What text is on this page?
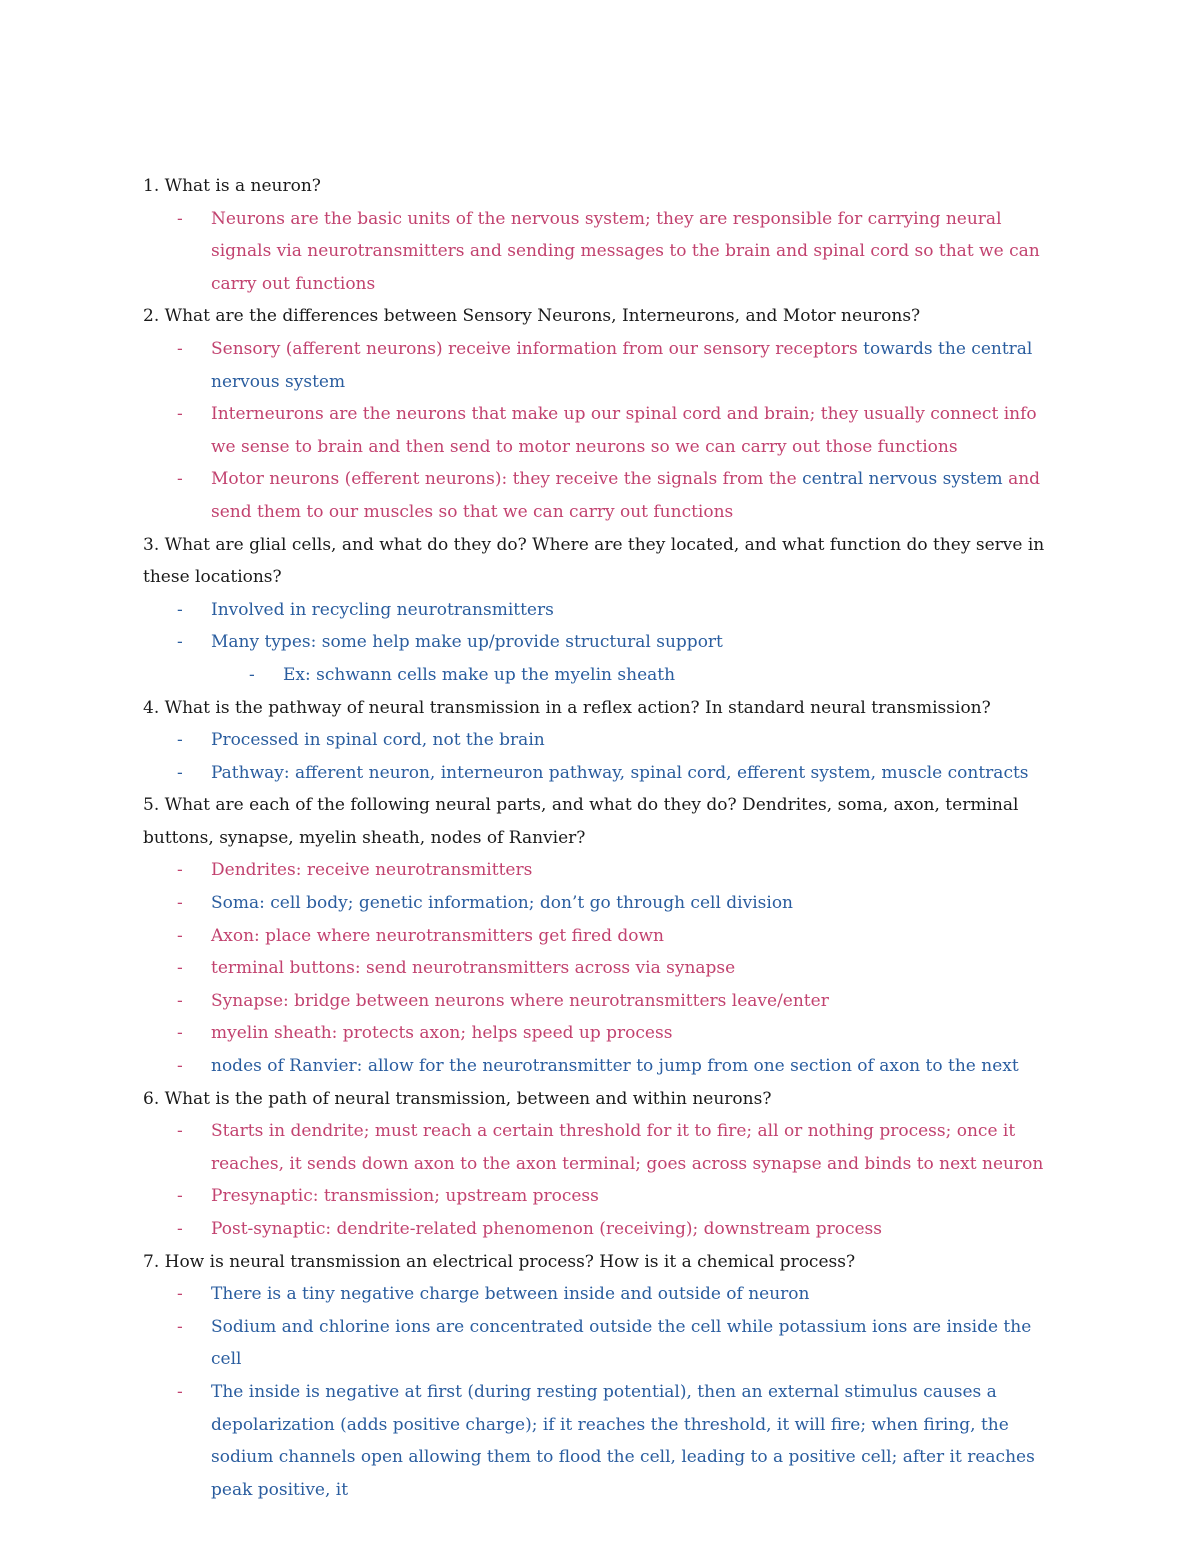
1. What is a neuron?

- Neurons are the basic units of the nervous system; they are responsible for carrying neural signals via neurotransmitters and sending messages to the brain and spinal cord so that we can carry out functions

2. What are the differences between Sensory Neurons, Interneurons, and Motor neurons?

- Sensory (afferent neurons) receive information from our sensory receptors towards the central nervous system
- Interneurons are the neurons that make up our spinal cord and brain; they usually connect info we sense to brain and then send to motor neurons so we can carry out those functions
- Motor neurons (efferent neurons): they receive the signals from the central nervous system and send them to our muscles so that we can carry out functions

3. What are glial cells, and what do they do? Where are they located, and what function do they serve in these locations?

- Involved in recycling neurotransmitters
- Many types: some help make up/provide structural support
- Ex: schwann cells make up the myelin sheath

4. What is the pathway of neural transmission in a reflex action? In standard neural transmission?

- Processed in spinal cord, not the brain
- Pathway: afferent neuron, interneuron pathway, spinal cord, efferent system, muscle contracts

5. What are each of the following neural parts, and what do they do? Dendrites, soma, axon, terminal buttons, synapse, myelin sheath, nodes of Ranvier?

- Dendrites: receive neurotransmitters
- Soma: cell body; genetic information; don’t go through cell division
- Axon: place where neurotransmitters get fired down
- terminal buttons: send neurotransmitters across via synapse
- Synapse: bridge between neurons where neurotransmitters leave/enter
- myelin sheath: protects axon; helps speed up process
- nodes of Ranvier: allow for the neurotransmitter to jump from one section of axon to the next

6. What is the path of neural transmission, between and within neurons?

- Starts in dendrite; must reach a certain threshold for it to fire; all or nothing process; once it reaches, it sends down axon to the axon terminal; goes across synapse and binds to next neuron
- Presynaptic: transmission; upstream process
- Post-synaptic: dendrite-related phenomenon (receiving); downstream process

7. How is neural transmission an electrical process? How is it a chemical process?

- There is a tiny negative charge between inside and outside of neuron
- Sodium and chlorine ions are concentrated outside the cell while potassium ions are inside the cell
- The inside is negative at first (during resting potential), then an external stimulus causes a depolarization (adds positive charge); if it reaches the threshold, it will fire; when firing, the sodium channels open allowing them to flood the cell, leading to a positive cell; after it reaches peak positive, it
